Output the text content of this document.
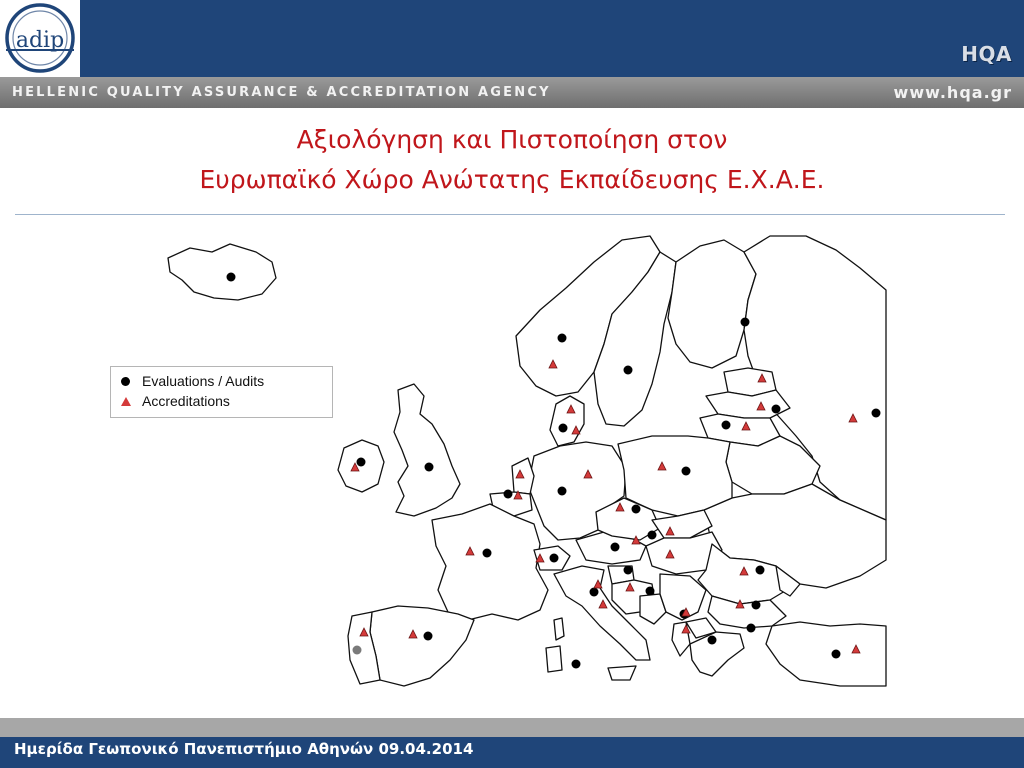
adip
HQA
HELLENIC QUALITY ASSURANCE & ACCREDITATION AGENCY	www.hqa.gr
Αξιολόγηση και Πιστοποίηση στον
Ευρωπαϊκό Χώρο Ανώτατης Εκπαίδευσης Ε.Χ.Α.Ε.
Evaluations / Audits
Accreditations
Ημερίδα Γεωπονικό Πανεπιστήμιο Αθηνών 09.04.2014
